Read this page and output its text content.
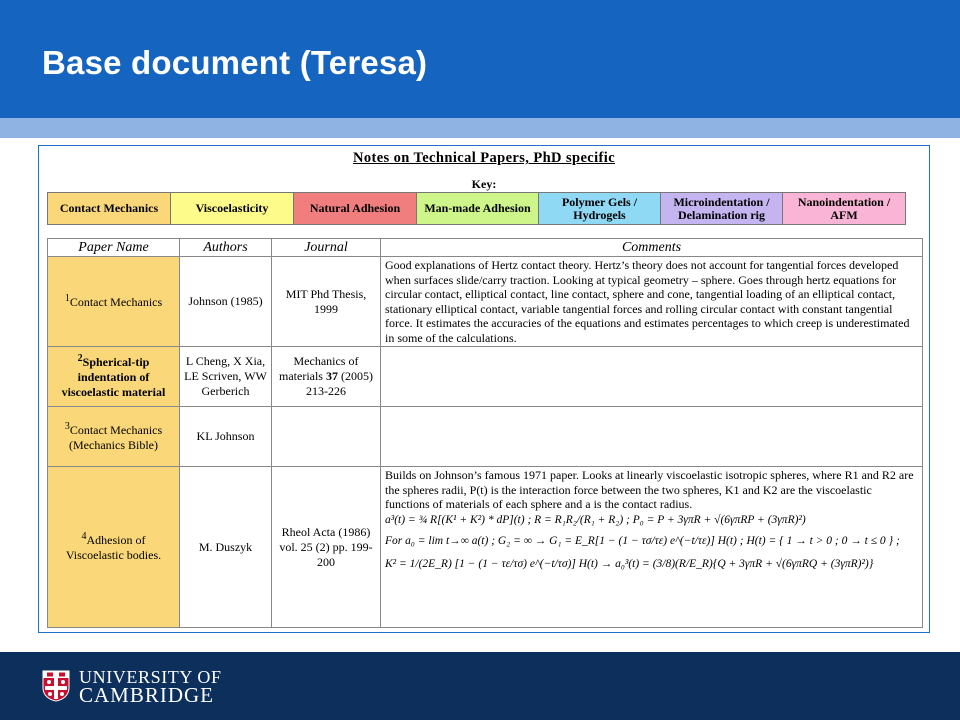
Base document (Teresa)
Notes on Technical Papers, PhD specific
Key:
Contact Mechanics	Viscoelasticity	Natural Adhesion	Man-made Adhesion	Polymer Gels / Hydrogels
Microindentation / Delamination rig
Nanoindentation / AFM
Paper Name	Authors	Journal	Comments
$^1$Contact Mechanics	Johnson (1985)	MIT Phd Thesis, 1999	Good explanations of Hertz contact theory. Hertz’s theory does not account for tangential forces developed when surfaces slide/carry traction. Looking at typical geometry – sphere. Goes through hertz equations for circular contact, elliptical contact, line contact, sphere and cone, tangential loading of an elliptical contact, stationary elliptical contact, variable tangential forces and rolling circular contact with constant tangential force. It estimates the accuracies of the equations and estimates percentages to which creep is underestimated in some of the calculations.
$^2$Spherical-tip indentation of viscoelastic material	L Cheng, X Xia, LE Scriven, WW Gerberich	Mechanics of materials 37 (2005) 213-226	
$^3$Contact Mechanics (Mechanics Bible)	KL Johnson		
$^4$Adhesion of Viscoelastic bodies.	M. Duszyk	Rheol Acta (1986) vol. 25 (2) pp. 199-200	Builds on Johnson’s famous 1971 paper. Looks at linearly viscoelastic isotropic spheres, where R1 and R2 are the spheres radii, P(t) is the interaction force between the two spheres, K1 and K2 are the viscoelastic functions of materials of each sphere and a is the contact radius.
a³(t) = ¾ R[(K¹ + K²) * dP](t) ; R = R₁R₂/(R₁ + R₂) ; P₀ = P + 3γπR + √(6γπRP + (3γπR)²)
For a₀ = lim t→∞ a(t) ; G₂ = ∞ → G₁ = E_R[1 − (1 − τσ/τε) e^(−t/τε)] H(t) ; H(t) = { 1 → t > 0 ; 0 → t ≤ 0 } ;
K² = 1/(2E_R) [1 − (1 − τε/τσ) e^(−t/τσ)] H(t) → a₀³(t) = (3/8)(R/E_R){Q + 3γπR + √(6γπRQ + (3γπR)²)}
UNIVERSITY OF
CAMBRIDGE
